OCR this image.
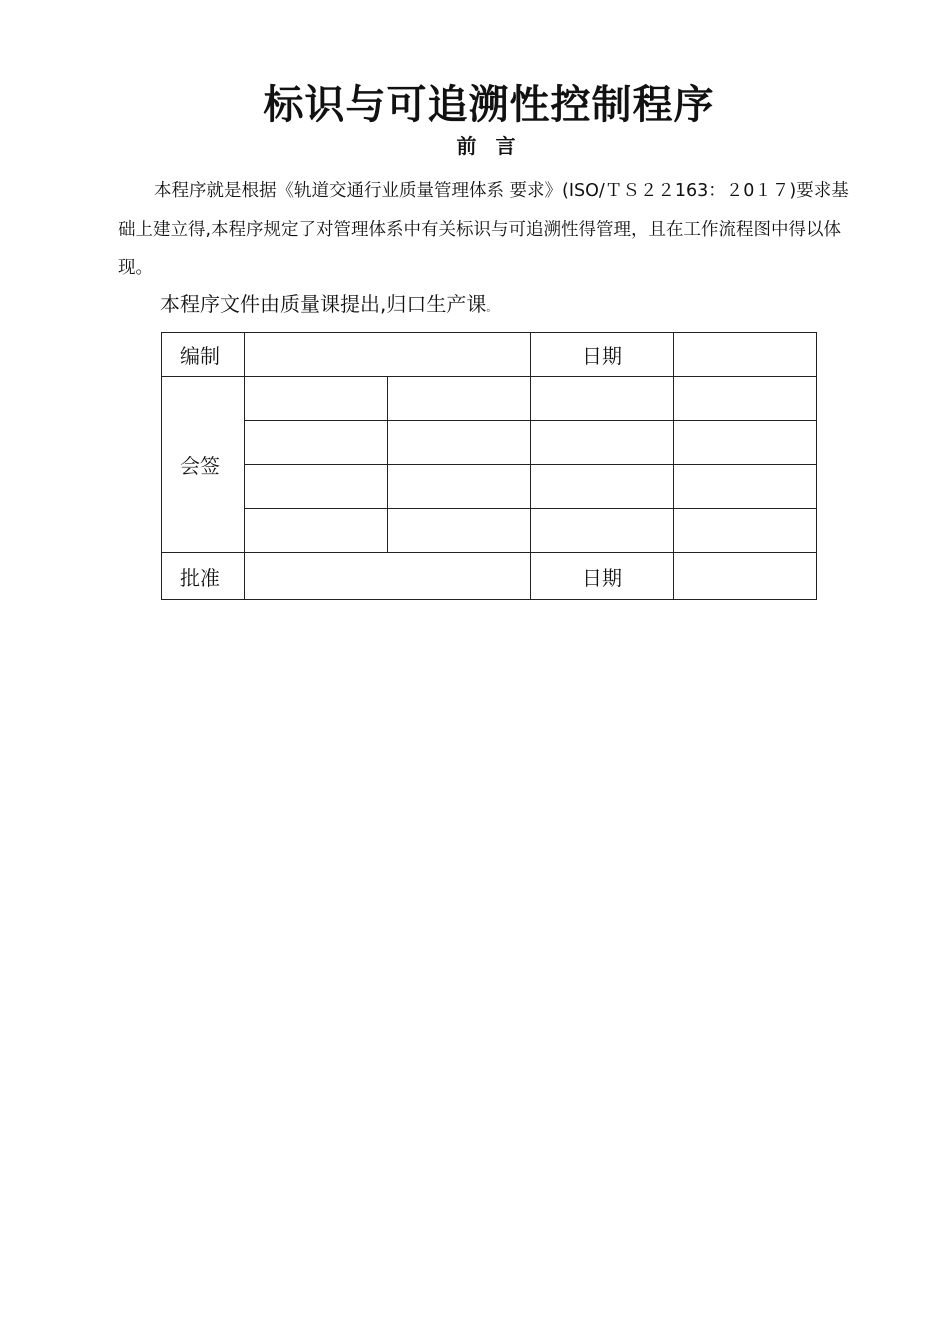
标识与可追溯性控制程序
前 言

本程序就是根据《轨道交通行业质量管理体系 要求》(ISO/ＴＳ２２163：２0１７)要求基础上建立得,本程序规定了对管理体系中有关标识与可追溯性得管理，且在工作流程图中得以体现。

本程序文件由质量课提出,归口生产课。

编制			日期	
会签				

批准			日期	
